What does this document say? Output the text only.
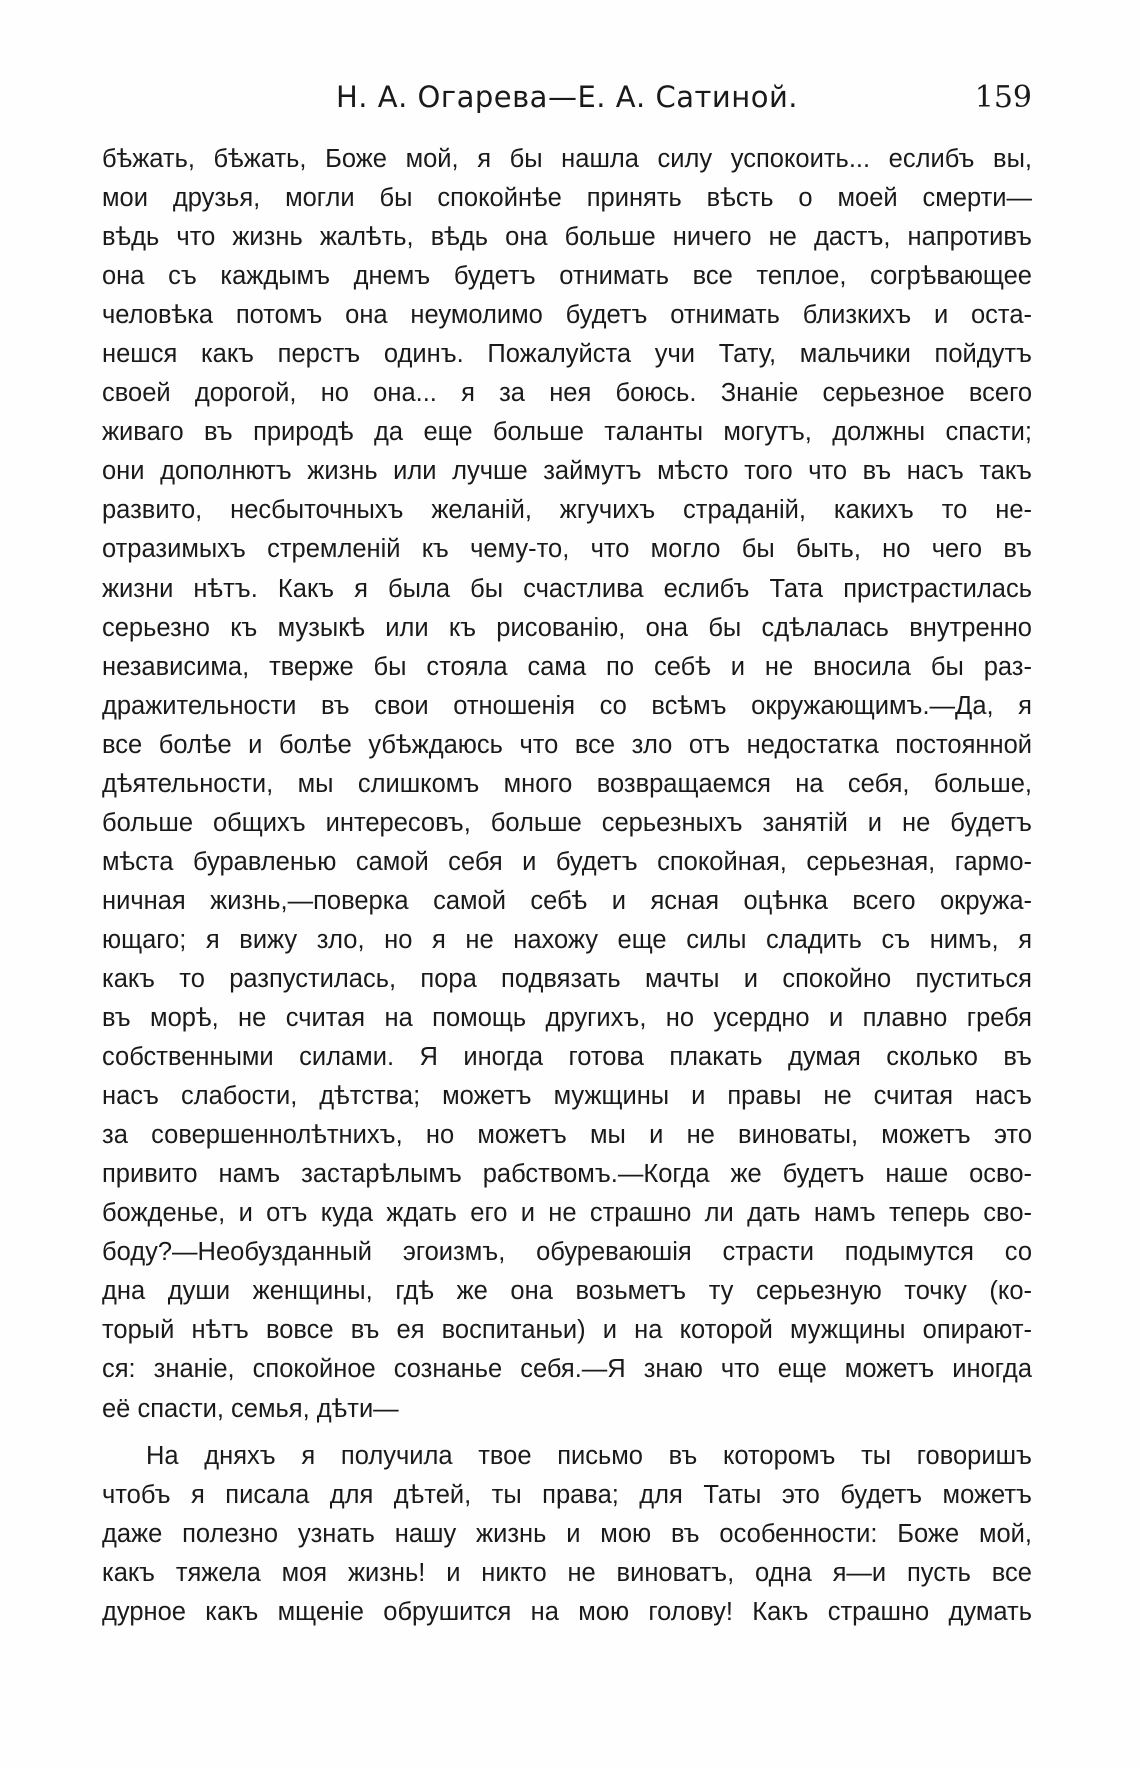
Н. А. Огарева—Е. А. Сатиной.	159
бѣжать, бѣжать, Боже мой, я бы нашла силу успокоить... еслибъ вы,
мои друзья, могли бы спокойнѣе принять вѣсть о моей смерти—
вѣдь что жизнь жалѣть, вѣдь она больше ничего не дастъ, напротивъ
она съ каждымъ днемъ будетъ отнимать все теплое, согрѣвающее
человѣка потомъ она неумолимо будетъ отнимать близкихъ и оста-
нешся какъ перстъ одинъ. Пожалуйста учи Тату, мальчики пойдутъ
своей дорогой, но она... я за нея боюсь. Знанiе серьезное всего
живаго въ природѣ да еще больше таланты могутъ, должны спасти;
они дополнютъ жизнь или лучше займутъ мѣсто того что въ насъ такъ
развито, несбыточныхъ желанiй, жгучихъ страданiй, какихъ то не-
отразимыхъ стремленiй къ чему-то, что могло бы быть, но чего въ
жизни нѣтъ. Какъ я была бы счастлива еслибъ Тата пристрастилась
серьезно къ музыкѣ или къ рисованiю, она бы сдѣлалась внутренно
независима, тверже бы стояла сама по себѣ и не вносила бы раз-
дражительности въ свои отношенiя со всѣмъ окружающимъ.—Да, я
все болѣе и болѣе убѣждаюсь что все зло отъ недостатка постоянной
дѣятельности, мы слишкомъ много возвращаемся на себя, больше,
больше общихъ интересовъ, больше серьезныхъ занятiй и не будетъ
мѣста буравленью самой себя и будетъ спокойная, серьезная, гармо-
ничная жизнь,—поверка самой себѣ и ясная оцѣнка всего окружа-
ющаго; я вижу зло, но я не нахожу еще силы сладить съ нимъ, я
какъ то разпустилась, пора подвязать мачты и спокойно пуститься
въ морѣ, не считая на помощь другихъ, но усердно и плавно гребя
собственными силами. Я иногда готова плакать думая сколько въ
насъ слабости, дѣтства; можетъ мужщины и правы не считая насъ
за совершеннолѣтнихъ, но можетъ мы и не виноваты, можетъ это
привито намъ застарѣлымъ рабствомъ.—Когда же будетъ наше осво-
божденье, и отъ куда ждать его и не страшно ли дать намъ теперь сво-
боду?—Необузданный эгоизмъ, обуреваюшiя страсти подымутся со
дна души женщины, гдѣ же она возьметъ ту серьезную точку (ко-
торый нѣтъ вовсе въ ея воспитаньи) и на которой мужщины опирают-
ся: знанiе, спокойное сознанье себя.—Я знаю что еще можетъ иногда
её спасти, семья, дѣти—
На дняхъ я получила твое письмо въ которомъ ты говоришъ
чтобъ я писала для дѣтей, ты права; для Таты это будетъ можетъ
даже полезно узнать нашу жизнь и мою въ особенности: Боже мой,
какъ тяжела моя жизнь! и никто не виноватъ, одна я—и пусть все
дурное какъ мщенiе обрушится на мою голову! Какъ страшно думать
